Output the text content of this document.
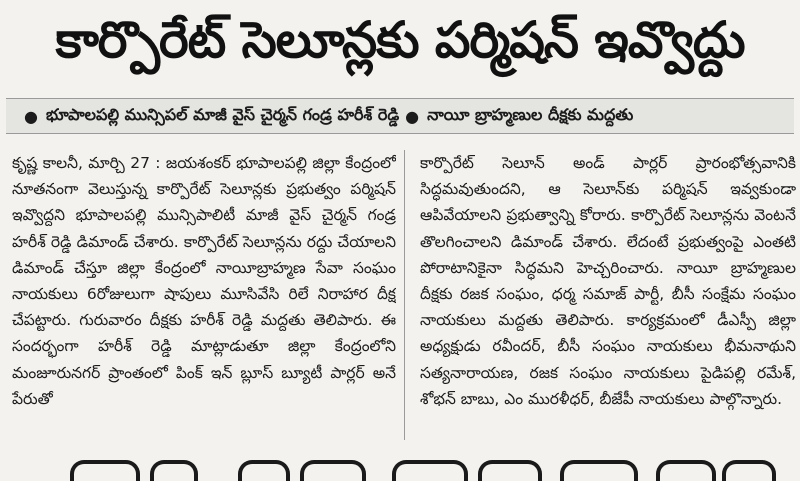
కార్పొరేట్ సెలూన్లకు పర్మిషన్ ఇవ్వొద్దు
● భూపాలపల్లి మున్సిపల్ మాజీ వైస్ చైర్మన్ గండ్ర హరీశ్ రెడ్డి ● నాయీ బ్రాహ్మణుల దీక్షకు మద్దతు

కృష్ణ కాలనీ, మార్చి 27 : జయశంకర్ భూపాలపల్లి జిల్లా కేంద్రంలో నూతనంగా వెలుస్తున్న కార్పొరేట్ సెలూన్లకు ప్రభుత్వం పర్మిషన్ ఇవ్వొద్దని భూపాలపల్లి మున్సిపాలిటీ మాజీ వైస్ చైర్మన్ గండ్ర హరీశ్ రెడ్డి డిమాండ్ చేశారు. కార్పొరేట్ సెలూన్లను రద్దు చేయాలని డిమాండ్ చేస్తూ జిల్లా కేంద్రంలో నాయీబ్రాహ్మణ సేవా సంఘం నాయకులు 6రోజులుగా షాపులు మూసివేసి రిలే నిరాహార దీక్ష చేపట్టారు. గురువారం దీక్షకు హరీశ్ రెడ్డి మద్దతు తెలిపారు. ఈ సందర్భంగా హరీశ్ రెడ్డి మాట్లాడుతూ జిల్లా కేంద్రంలోని మంజూరునగర్ ప్రాంతంలో పింక్ ఇన్ బ్లూస్ బ్యూటీ పార్లర్ అనే పేరుతో

కార్పొరేట్ సెలూన్ అండ్ పార్లర్ ప్రారంభోత్సవానికి సిద్ధమవుతుందని, ఆ సెలూన్‌కు పర్మిషన్ ఇవ్వకుండా ఆపివేయాలని ప్రభుత్వాన్ని కోరారు. కార్పొరేట్ సెలూన్లను వెంటనే తొలగించాలని డిమాండ్ చేశారు. లేదంటే ప్రభుత్వంపై ఎంతటి పోరాటానికైనా సిద్ధమని హెచ్చరించారు. నాయీ బ్రాహ్మణుల దీక్షకు రజక సంఘం, ధర్మ సమాజ్ పార్టీ, బీసీ సంక్షేమ సంఘం నాయకులు మద్దతు తెలిపారు. కార్యక్రమంలో డీఎస్పీ జిల్లా అధ్యక్షుడు రవీందర్, బీసీ సంఘం నాయకులు భీమనాథుని సత్యనారాయణ, రజక సంఘం నాయకులు పైడిపల్లి రమేశ్, శోభన్ బాబు, ఎం మురళీధర్, బీజేపీ నాయకులు పాల్గొన్నారు.
